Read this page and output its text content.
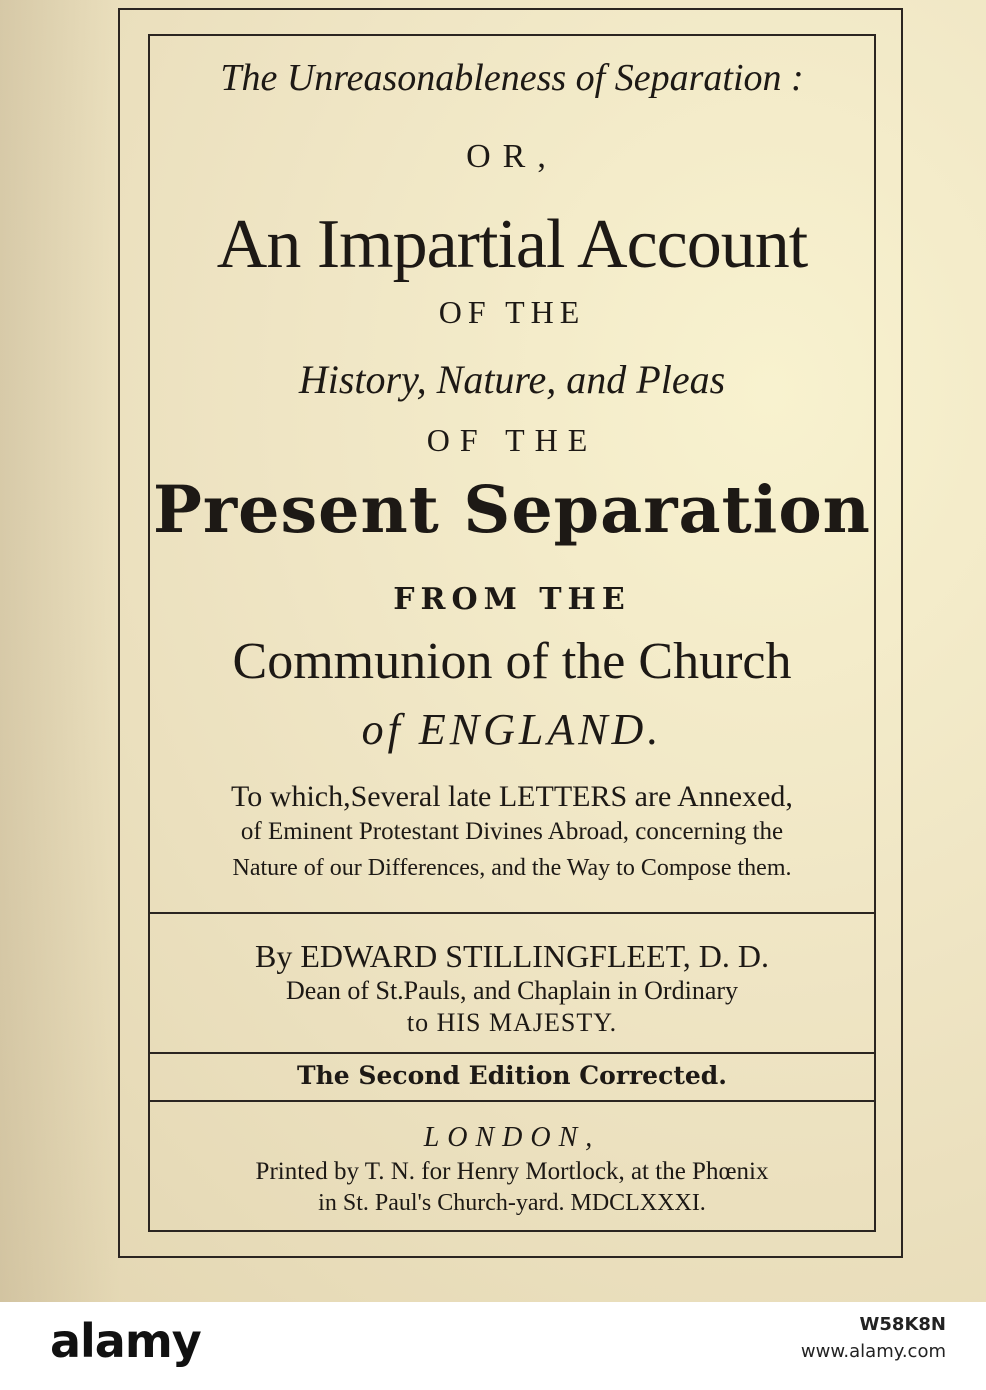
The Unreasonableness of Separation :
OR,
An Impartial Account
OF THE
History, Nature, and Pleas
OF THE
Present Separation
FROM THE
Communion of the Church
of ENGLAND.
To which,Several late LETTERS are Annexed,
of Eminent Protestant Divines Abroad, concerning the
Nature of our Differences, and the Way to Compose them.
By EDWARD STILLINGFLEET, D. D.
Dean of St.Pauls, and Chaplain in Ordinary
to HIS MAJESTY.
The Second Edition Corrected.
LONDON,
Printed by T. N. for Henry Mortlock, at the Phœnix
in St. Paul's Church-yard. MDCLXXXI.
alamy	W58K8N
www.alamy.com
